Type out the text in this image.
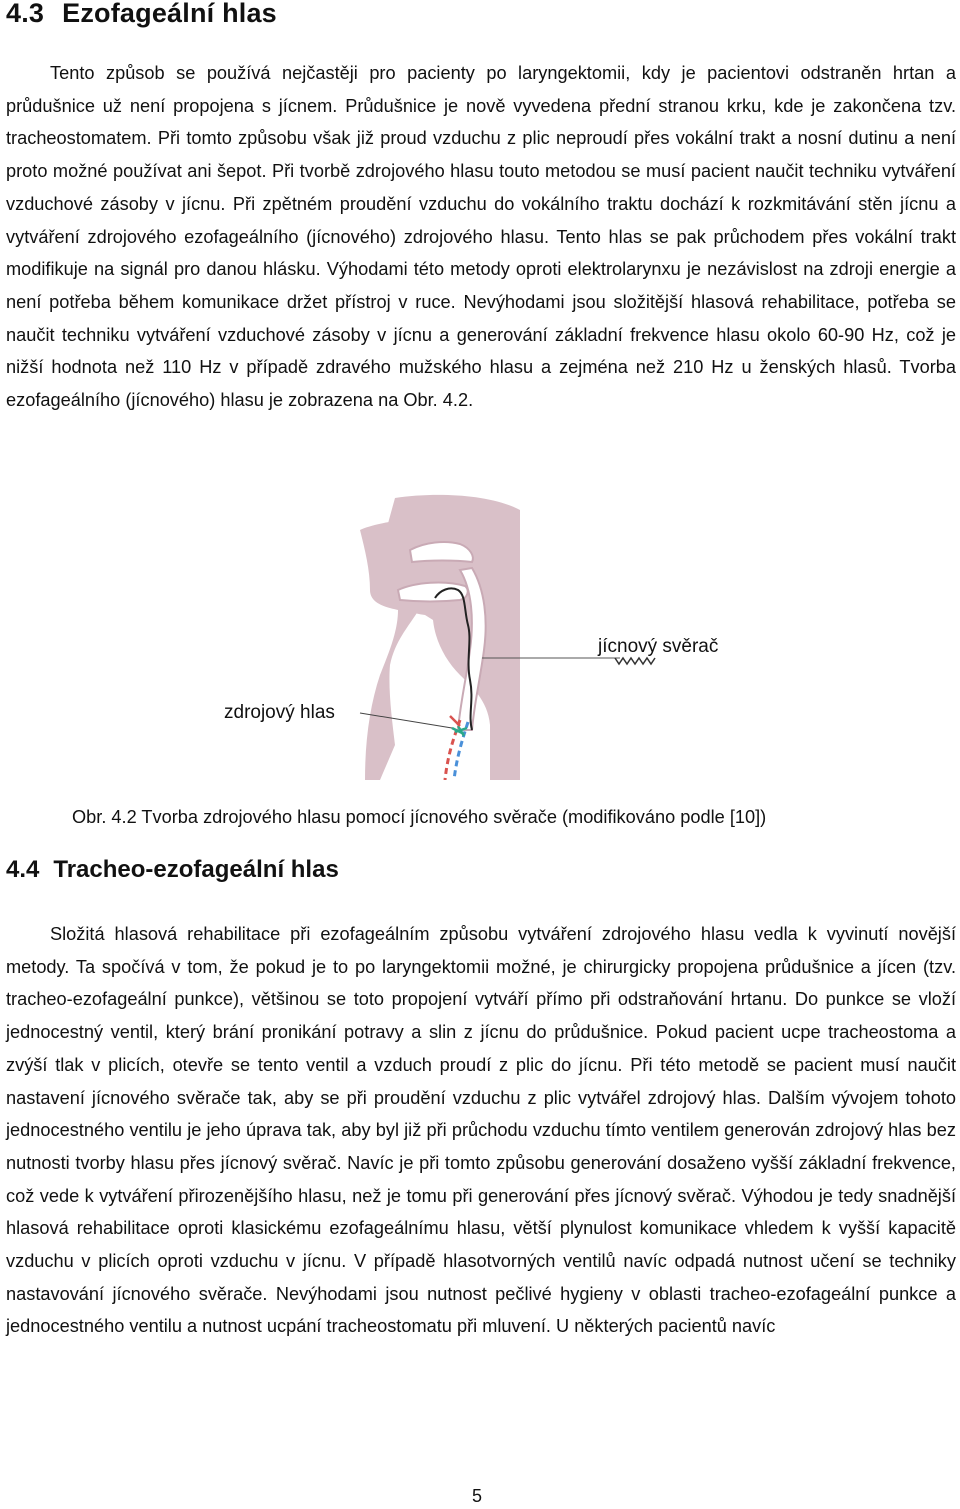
4.3 Ezofageální hlas
Tento způsob se používá nejčastěji pro pacienty po laryngektomii, kdy je pacientovi odstraněn hrtan a průdušnice už není propojena s jícnem. Průdušnice je nově vyvedena přední stranou krku, kde je zakončena tzv. tracheostomatem. Při tomto způsobu však již proud vzduchu z plic neproudí přes vokální trakt a nosní dutinu a není proto možné používat ani šepot. Při tvorbě zdrojového hlasu touto metodou se musí pacient naučit techniku vytváření vzduchové zásoby v jícnu. Při zpětném proudění vzduchu do vokálního traktu dochází k rozkmitávání stěn jícnu a vytváření zdrojového ezofageálního (jícnového) zdrojového hlasu. Tento hlas se pak průchodem přes vokální trakt modifikuje na signál pro danou hlásku. Výhodami této metody oproti elektrolarynxu je nezávislost na zdroji energie a není potřeba během komunikace držet přístroj v ruce. Nevýhodami jsou složitější hlasová rehabilitace, potřeba se naučit techniku vytváření vzduchové zásoby v jícnu a generování základní frekvence hlasu okolo 60-90 Hz, což je nižší hodnota než 110 Hz v případě zdravého mužského hlasu a zejména než 210 Hz u ženských hlasů. Tvorba ezofageálního (jícnového) hlasu je zobrazena na Obr. 4.2.
jícnový svěrač
zdrojový hlas
Obr. 4.2 Tvorba zdrojového hlasu pomocí jícnového svěrače (modifikováno podle [10])
4.4 Tracheo-ezofageální hlas
Složitá hlasová rehabilitace při ezofageálním způsobu vytváření zdrojového hlasu vedla k vyvinutí novější metody. Ta spočívá v tom, že pokud je to po laryngektomii možné, je chirurgicky propojena průdušnice a jícen (tzv. tracheo-ezofageální punkce), většinou se toto propojení vytváří přímo při odstraňování hrtanu. Do punkce se vloží jednocestný ventil, který brání pronikání potravy a slin z jícnu do průdušnice. Pokud pacient ucpe tracheostoma a zvýší tlak v plicích, otevře se tento ventil a vzduch proudí z plic do jícnu. Při této metodě se pacient musí naučit nastavení jícnového svěrače tak, aby se při proudění vzduchu z plic vytvářel zdrojový hlas. Dalším vývojem tohoto jednocestného ventilu je jeho úprava tak, aby byl již při průchodu vzduchu tímto ventilem generován zdrojový hlas bez nutnosti tvorby hlasu přes jícnový svěrač. Navíc je při tomto způsobu generování dosaženo vyšší základní frekvence, což vede k vytváření přirozenějšího hlasu, než je tomu při generování přes jícnový svěrač. Výhodou je tedy snadnější hlasová rehabilitace oproti klasickému ezofageálnímu hlasu, větší plynulost komunikace vhledem k vyšší kapacitě vzduchu v plicích oproti vzduchu v jícnu. V případě hlasotvorných ventilů navíc odpadá nutnost učení se techniky nastavování jícnového svěrače. Nevýhodami jsou nutnost pečlivé hygieny v oblasti tracheo-ezofageální punkce a jednocestného ventilu a nutnost ucpání tracheostomatu při mluvení. U některých pacientů navíc
5
